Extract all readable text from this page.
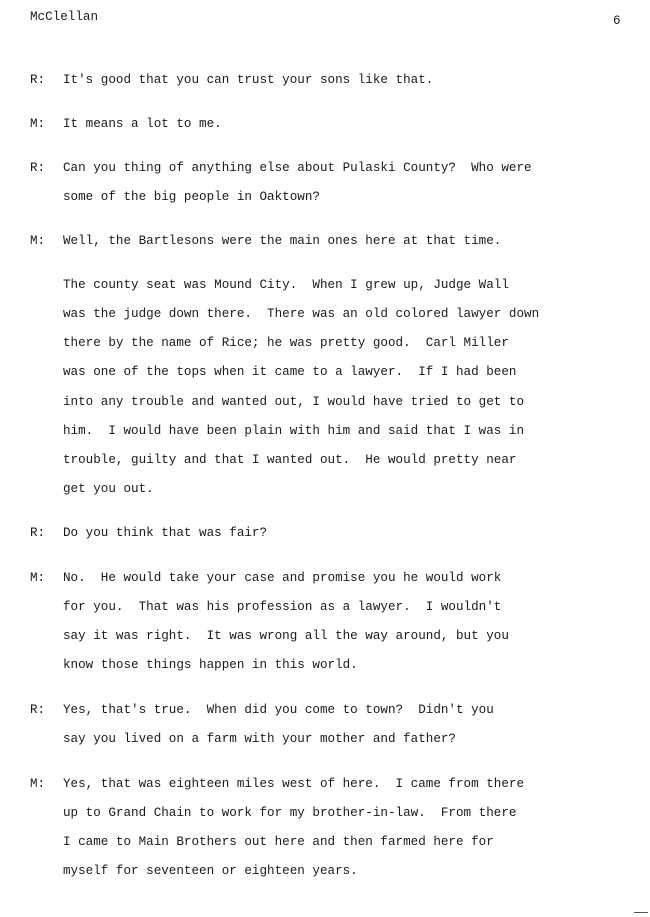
McClellan	6
R: It's good that you can trust your sons like that.
M: It means a lot to me.
R: Can you thing of anything else about Pulaski County?  Who were
some of the big people in Oaktown?
M: Well, the Bartlesons were the main ones here at that time.
The county seat was Mound City.  When I grew up, Judge Wall
was the judge down there.  There was an old colored lawyer down
there by the name of Rice; he was pretty good.  Carl Miller
was one of the tops when it came to a lawyer.  If I had been
into any trouble and wanted out, I would have tried to get to
him.  I would have been plain with him and said that I was in
trouble, guilty and that I wanted out.  He would pretty near
get you out.
R: Do you think that was fair?
M: No.  He would take your case and promise you he would work
for you.  That was his profession as a lawyer.  I wouldn't
say it was right.  It was wrong all the way around, but you
know those things happen in this world.
R: Yes, that's true.  When did you come to town?  Didn't you
say you lived on a farm with your mother and father?
M: Yes, that was eighteen miles west of here.  I came from there
up to Grand Chain to work for my brother-in-law.  From there
I came to Main Brothers out here and then farmed here for
myself for seventeen or eighteen years.
